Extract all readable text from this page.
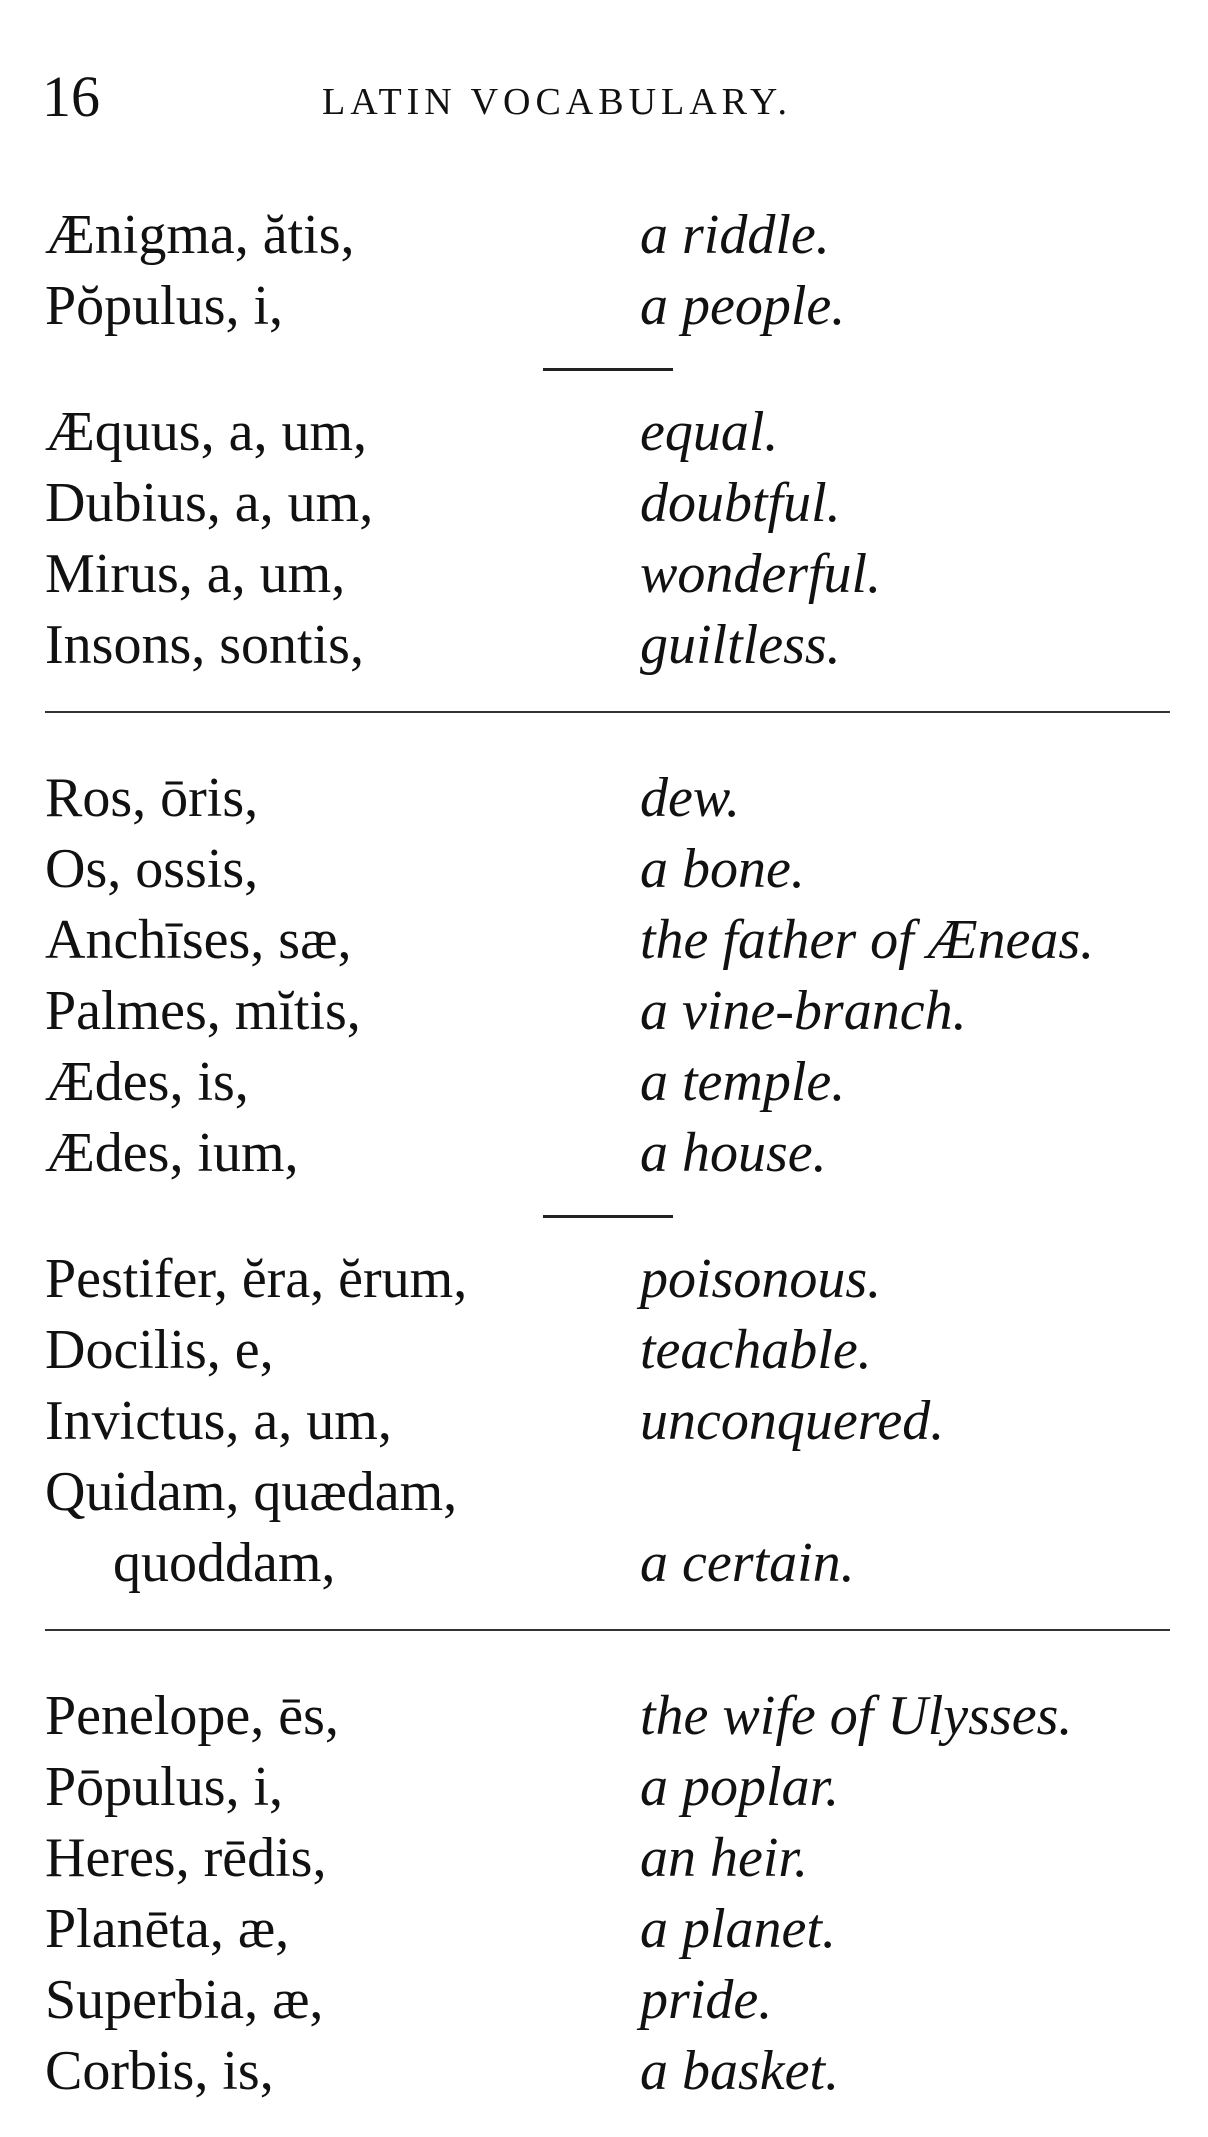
16	LATIN VOCABULARY.
Ænigma, ătis,	a riddle.
Pŏpulus, i,	a people.
Æquus, a, um,	equal.
Dubius, a, um,	doubtful.
Mirus, a, um,	wonderful.
Insons, sontis,	guiltless.
Ros, ōris,	dew.
Os, ossis,	a bone.
Anchīses, sæ,	the father of Æneas.
Palmes, mĭtis,	a vine-branch.
Ædes, is,	a temple.
Ædes, ium,	a house.
Pestifer, ĕra, ĕrum,	poisonous.
Docilis, e,	teachable.
Invictus, a, um,	unconquered.
Quidam, quædam,
quoddam,	a certain.
Penelope, ēs,	the wife of Ulysses.
Pōpulus, i,	a poplar.
Heres, rēdis,	an heir.
Planēta, æ,	a planet.
Superbia, æ,	pride.
Corbis, is,	a basket.
